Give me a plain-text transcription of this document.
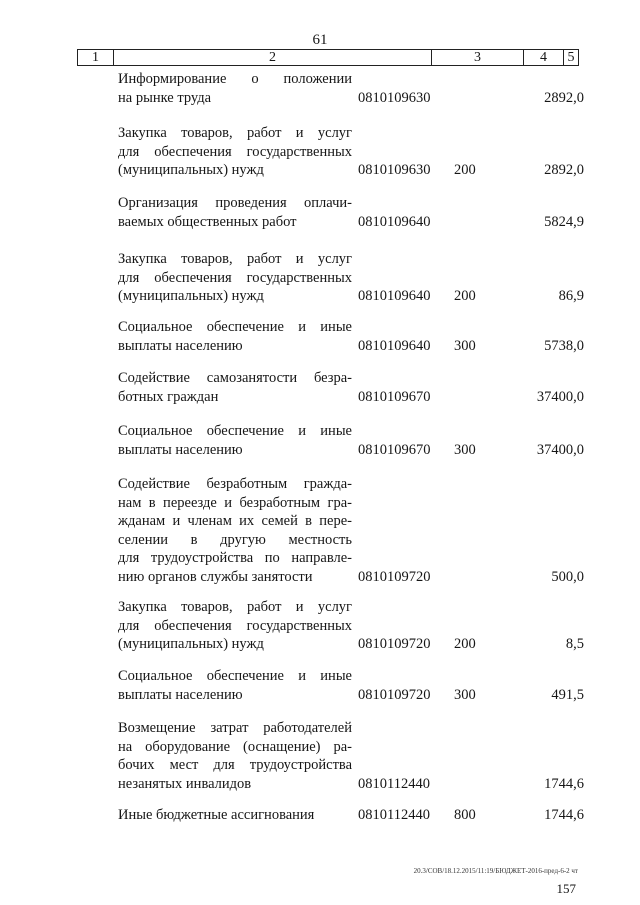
61
1	2	3	4	5
Информирование о положении
на рынке труда	0810109630	2892,0
Закупка товаров, работ и услуг
для обеспечения государственных
(муниципальных) нужд	0810109630 200	2892,0
Организация проведения оплачи-
ваемых общественных работ	0810109640	5824,9
Закупка товаров, работ и услуг
для обеспечения государственных
(муниципальных) нужд	0810109640 200	86,9
Социальное обеспечение и иные
выплаты населению	0810109640 300	5738,0
Содействие самозанятости безра-
ботных граждан	0810109670	37400,0
Социальное обеспечение и иные
выплаты населению	0810109670 300	37400,0
Содействие безработным гражда-
нам в переезде и безработным гра-
жданам и членам их семей в пере-
селении в другую местность
для трудоустройства по направле-
нию органов службы занятости	0810109720	500,0
Закупка товаров, работ и услуг
для обеспечения государственных
(муниципальных) нужд	0810109720 200	8,5
Социальное обеспечение и иные
выплаты населению	0810109720 300	491,5
Возмещение затрат работодателей
на оборудование (оснащение) ра-
бочих мест для трудоустройства
незанятых инвалидов	0810112440	1744,6
Иные бюджетные ассигнования	0810112440 800	1744,6
20.3/СОВ/18.12.2015/11:19/БЮДЖЕТ-2016-пред-6-2 чт
157
